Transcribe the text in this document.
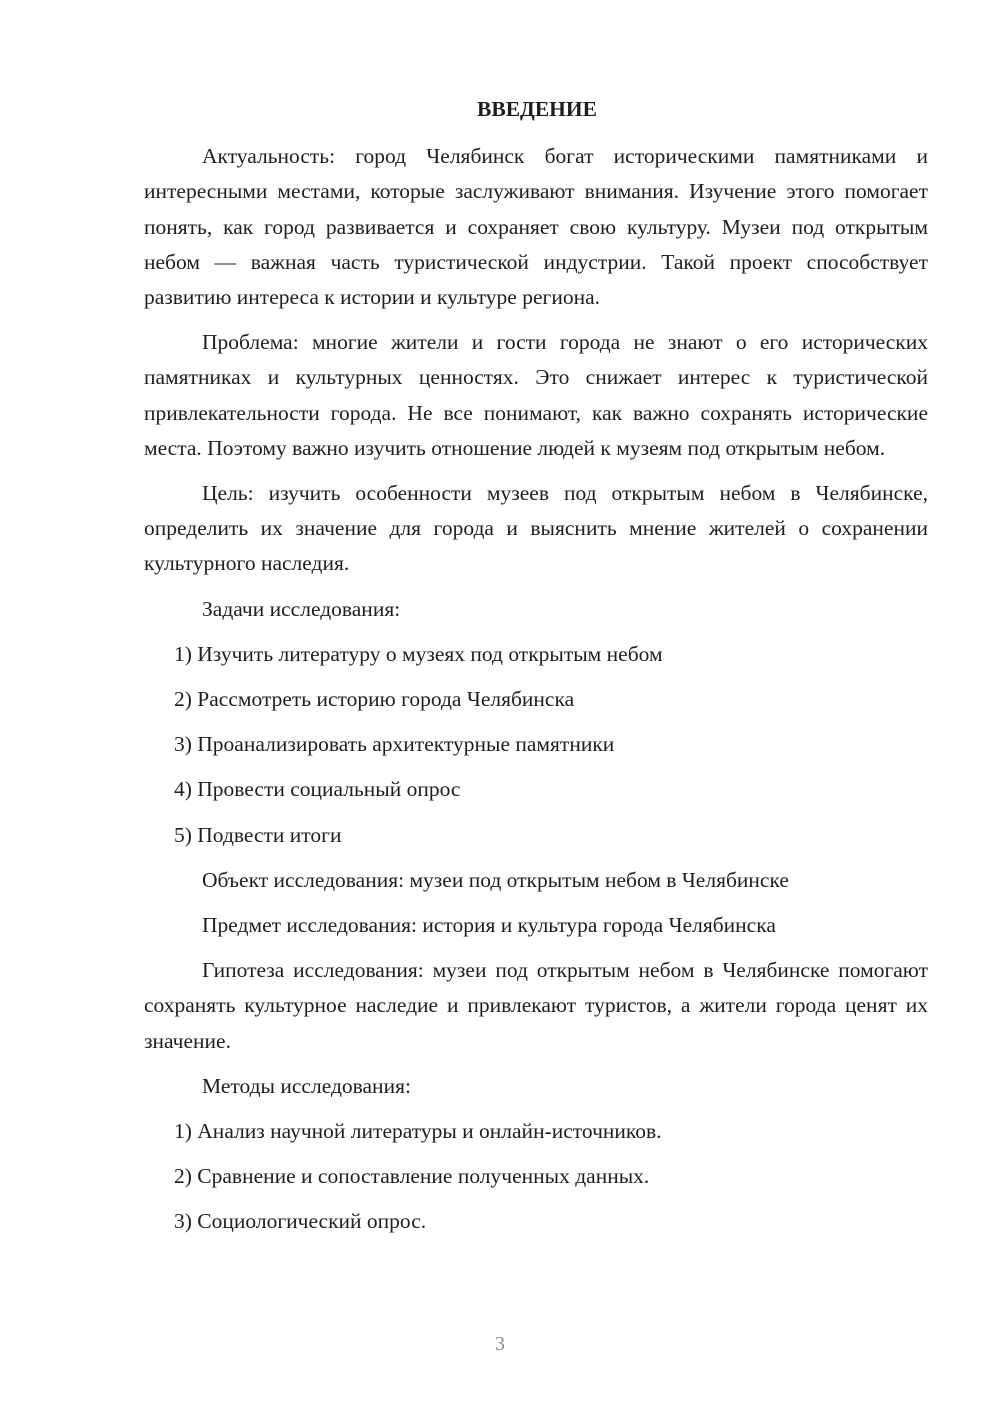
ВВЕДЕНИЕ

Актуальность: город Челябинск богат историческими памятниками и интересными местами, которые заслуживают внимания. Изучение этого помогает понять, как город развивается и сохраняет свою культуру. Музеи под открытым небом — важная часть туристической индустрии. Такой проект способствует развитию интереса к истории и культуре региона.

Проблема: многие жители и гости города не знают о его исторических памятниках и культурных ценностях. Это снижает интерес к туристической привлекательности города. Не все понимают, как важно сохранять исторические места. Поэтому важно изучить отношение людей к музеям под открытым небом.

Цель: изучить особенности музеев под открытым небом в Челябинске, определить их значение для города и выяснить мнение жителей о сохранении культурного наследия.

Задачи исследования:

1) Изучить литературу о музеях под открытым небом
2) Рассмотреть историю города Челябинска
3) Проанализировать архитектурные памятники
4) Провести социальный опрос
5) Подвести итоги

Объект исследования: музеи под открытым небом в Челябинске

Предмет исследования: история и культура города Челябинска

Гипотеза исследования: музеи под открытым небом в Челябинске помогают сохранять культурное наследие и привлекают туристов, а жители города ценят их значение.

Методы исследования:

1) Анализ научной литературы и онлайн-источников.
2) Сравнение и сопоставление полученных данных.
3) Социологический опрос.
3
